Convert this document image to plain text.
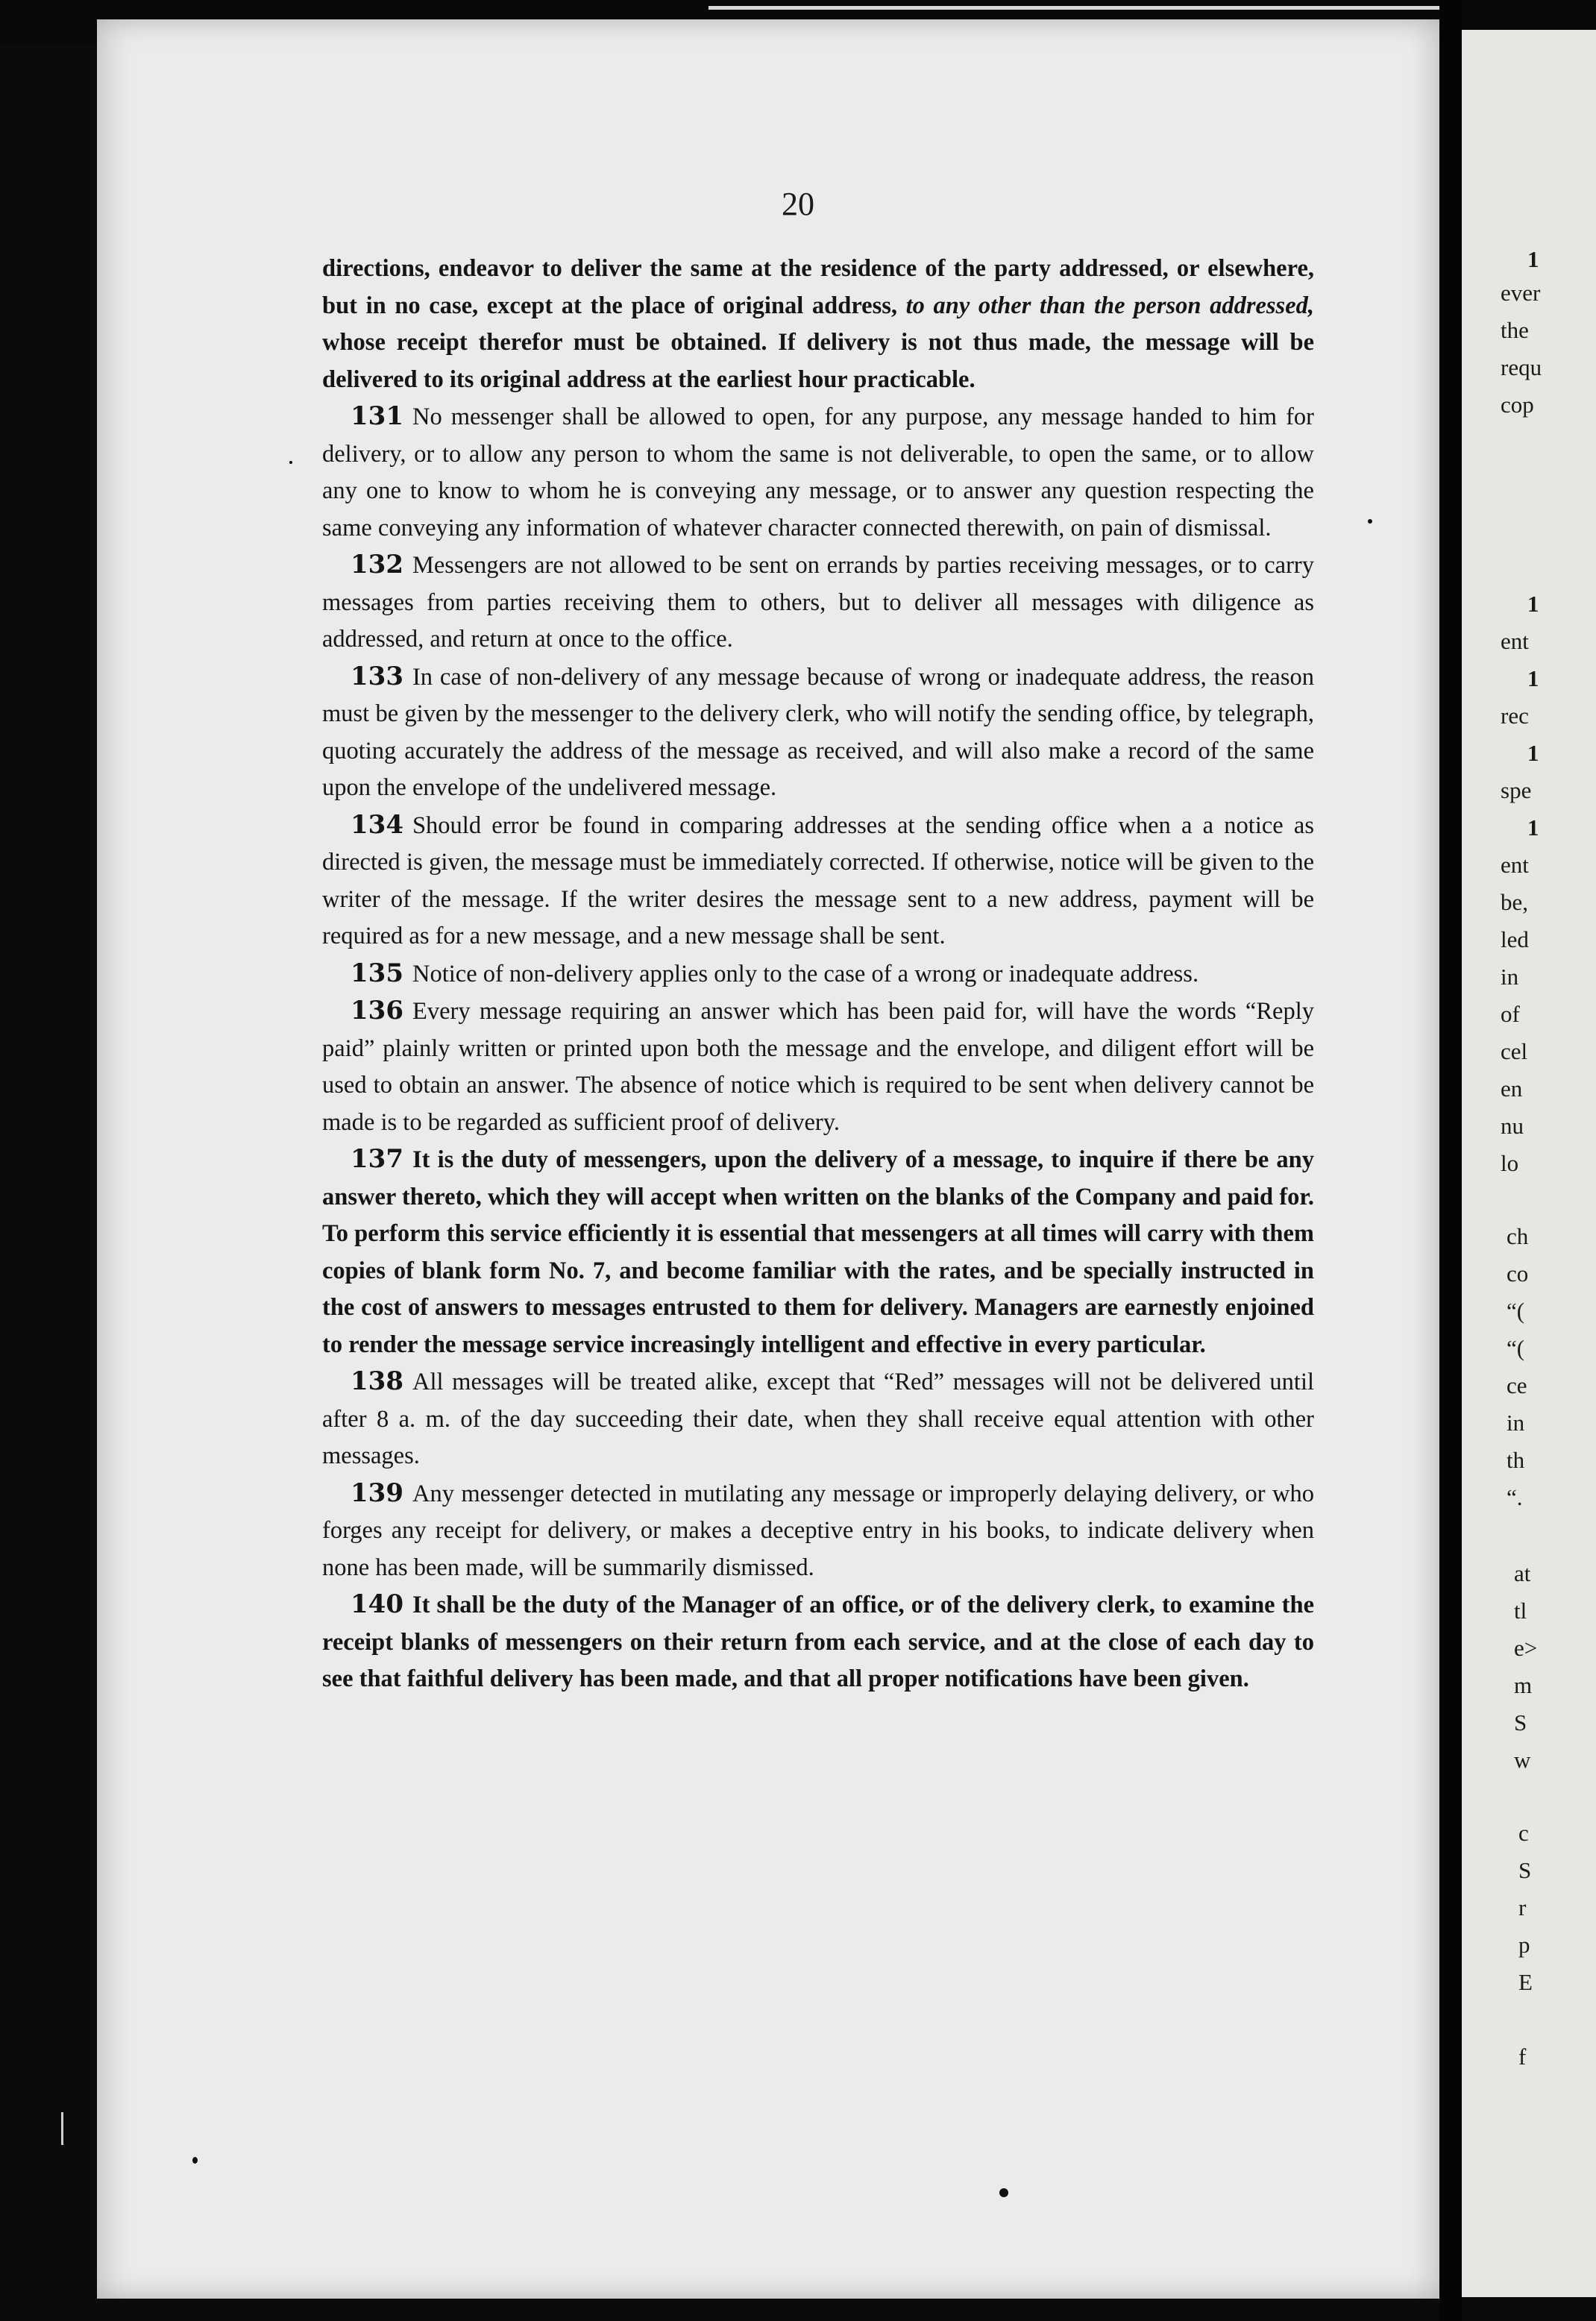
1
ever
the
requ
cop
1
ent
1
rec
1
spe
1
ent
be,
led
in
of
cel
en
nu
lo
ch
co
“(
“(
ce
in
th
“.
at
tl
e>
m
S
w
c
S
r
p
E
f
20

directions, endeavor to deliver the same at the residence of the party addressed, or elsewhere, but in no case, except at the place of original address, to any other than the person addressed, whose receipt therefor must be obtained. If delivery is not thus made, the message will be delivered to its original address at the earliest hour practicable.

131 No messenger shall be allowed to open, for any purpose, any message handed to him for delivery, or to allow any person to whom the same is not deliverable, to open the same, or to allow any one to know to whom he is conveying any message, or to answer any question respecting the same conveying any information of whatever character connected therewith, on pain of dismissal.

132 Messengers are not allowed to be sent on errands by parties receiving messages, or to carry messages from parties receiving them to others, but to deliver all messages with diligence as addressed, and return at once to the office.

133 In case of non-delivery of any message because of wrong or inadequate address, the reason must be given by the messenger to the delivery clerk, who will notify the sending office, by telegraph, quoting accurately the address of the message as received, and will also make a record of the same upon the envelope of the undelivered message.

134 Should error be found in comparing addresses at the sending office when a a notice as directed is given, the message must be immediately corrected. If otherwise, notice will be given to the writer of the message. If the writer desires the message sent to a new address, payment will be required as for a new message, and a new message shall be sent.

135 Notice of non-delivery applies only to the case of a wrong or inadequate address.

136 Every message requiring an answer which has been paid for, will have the words “Reply paid” plainly written or printed upon both the message and the envelope, and diligent effort will be used to obtain an answer. The absence of notice which is required to be sent when delivery cannot be made is to be regarded as sufficient proof of delivery.

137 It is the duty of messengers, upon the delivery of a message, to inquire if there be any answer thereto, which they will accept when written on the blanks of the Company and paid for. To perform this service efficiently it is essential that messengers at all times will carry with them copies of blank form No. 7, and become familiar with the rates, and be specially instructed in the cost of answers to messages entrusted to them for delivery. Managers are earnestly enjoined to render the message service increasingly intelligent and effective in every particular.

138 All messages will be treated alike, except that “Red” messages will not be delivered until after 8 a. m. of the day succeeding their date, when they shall receive equal attention with other messages.

139 Any messenger detected in mutilating any message or improperly delaying delivery, or who forges any receipt for delivery, or makes a deceptive entry in his books, to indicate delivery when none has been made, will be summarily dismissed.

140 It shall be the duty of the Manager of an office, or of the delivery clerk, to examine the receipt blanks of messengers on their return from each service, and at the close of each day to see that faithful delivery has been made, and that all proper notifications have been given.
